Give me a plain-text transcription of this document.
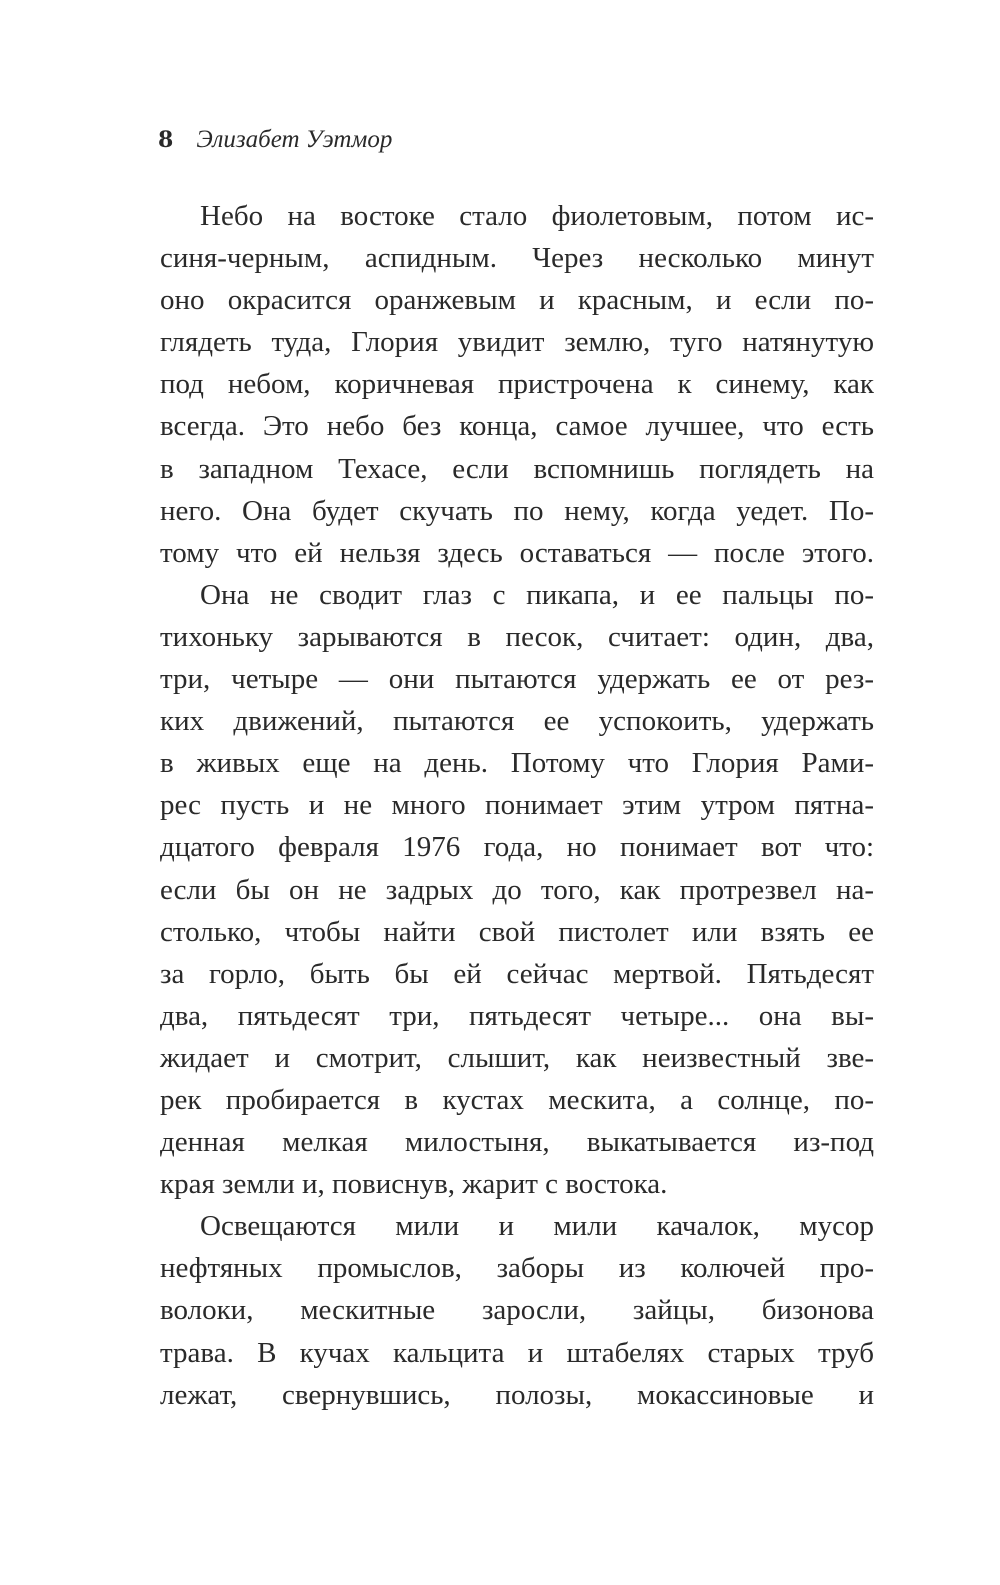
8 Элизабет Уэтмор
Небо на востоке стало фиолетовым, потом ис-
синя-черным, аспидным. Через несколько минут
оно окрасится оранжевым и красным, и если по-
глядеть туда, Глория увидит землю, туго натянутую
под небом, коричневая пристрочена к синему, как
всегда. Это небо без конца, самое лучшее, что есть
в западном Техасе, если вспомнишь поглядеть на
него. Она будет скучать по нему, когда уедет. По-
тому что ей нельзя здесь оставаться — после этого.
Она не сводит глаз с пикапа, и ее пальцы по-
тихоньку зарываются в песок, считает: один, два,
три, четыре — они пытаются удержать ее от рез-
ких движений, пытаются ее успокоить, удержать
в живых еще на день. Потому что Глория Рами-
рес пусть и не много понимает этим утром пятна-
дцатого февраля 1976 года, но понимает вот что:
если бы он не задрых до того, как протрезвел на-
столько, чтобы найти свой пистолет или взять ее
за горло, быть бы ей сейчас мертвой. Пятьдесят
два, пятьдесят три, пятьдесят четыре... она вы-
жидает и смотрит, слышит, как неизвестный зве-
рек пробирается в кустах мескита, а солнце, по-
денная мелкая милостыня, выкатывается из-под
края земли и, повиснув, жарит с востока.
Освещаются мили и мили качалок, мусор
нефтяных промыслов, заборы из колючей про-
волоки, мескитные заросли, зайцы, бизонова
трава. В кучах кальцита и штабелях старых труб
лежат, свернувшись, полозы, мокассиновые и
